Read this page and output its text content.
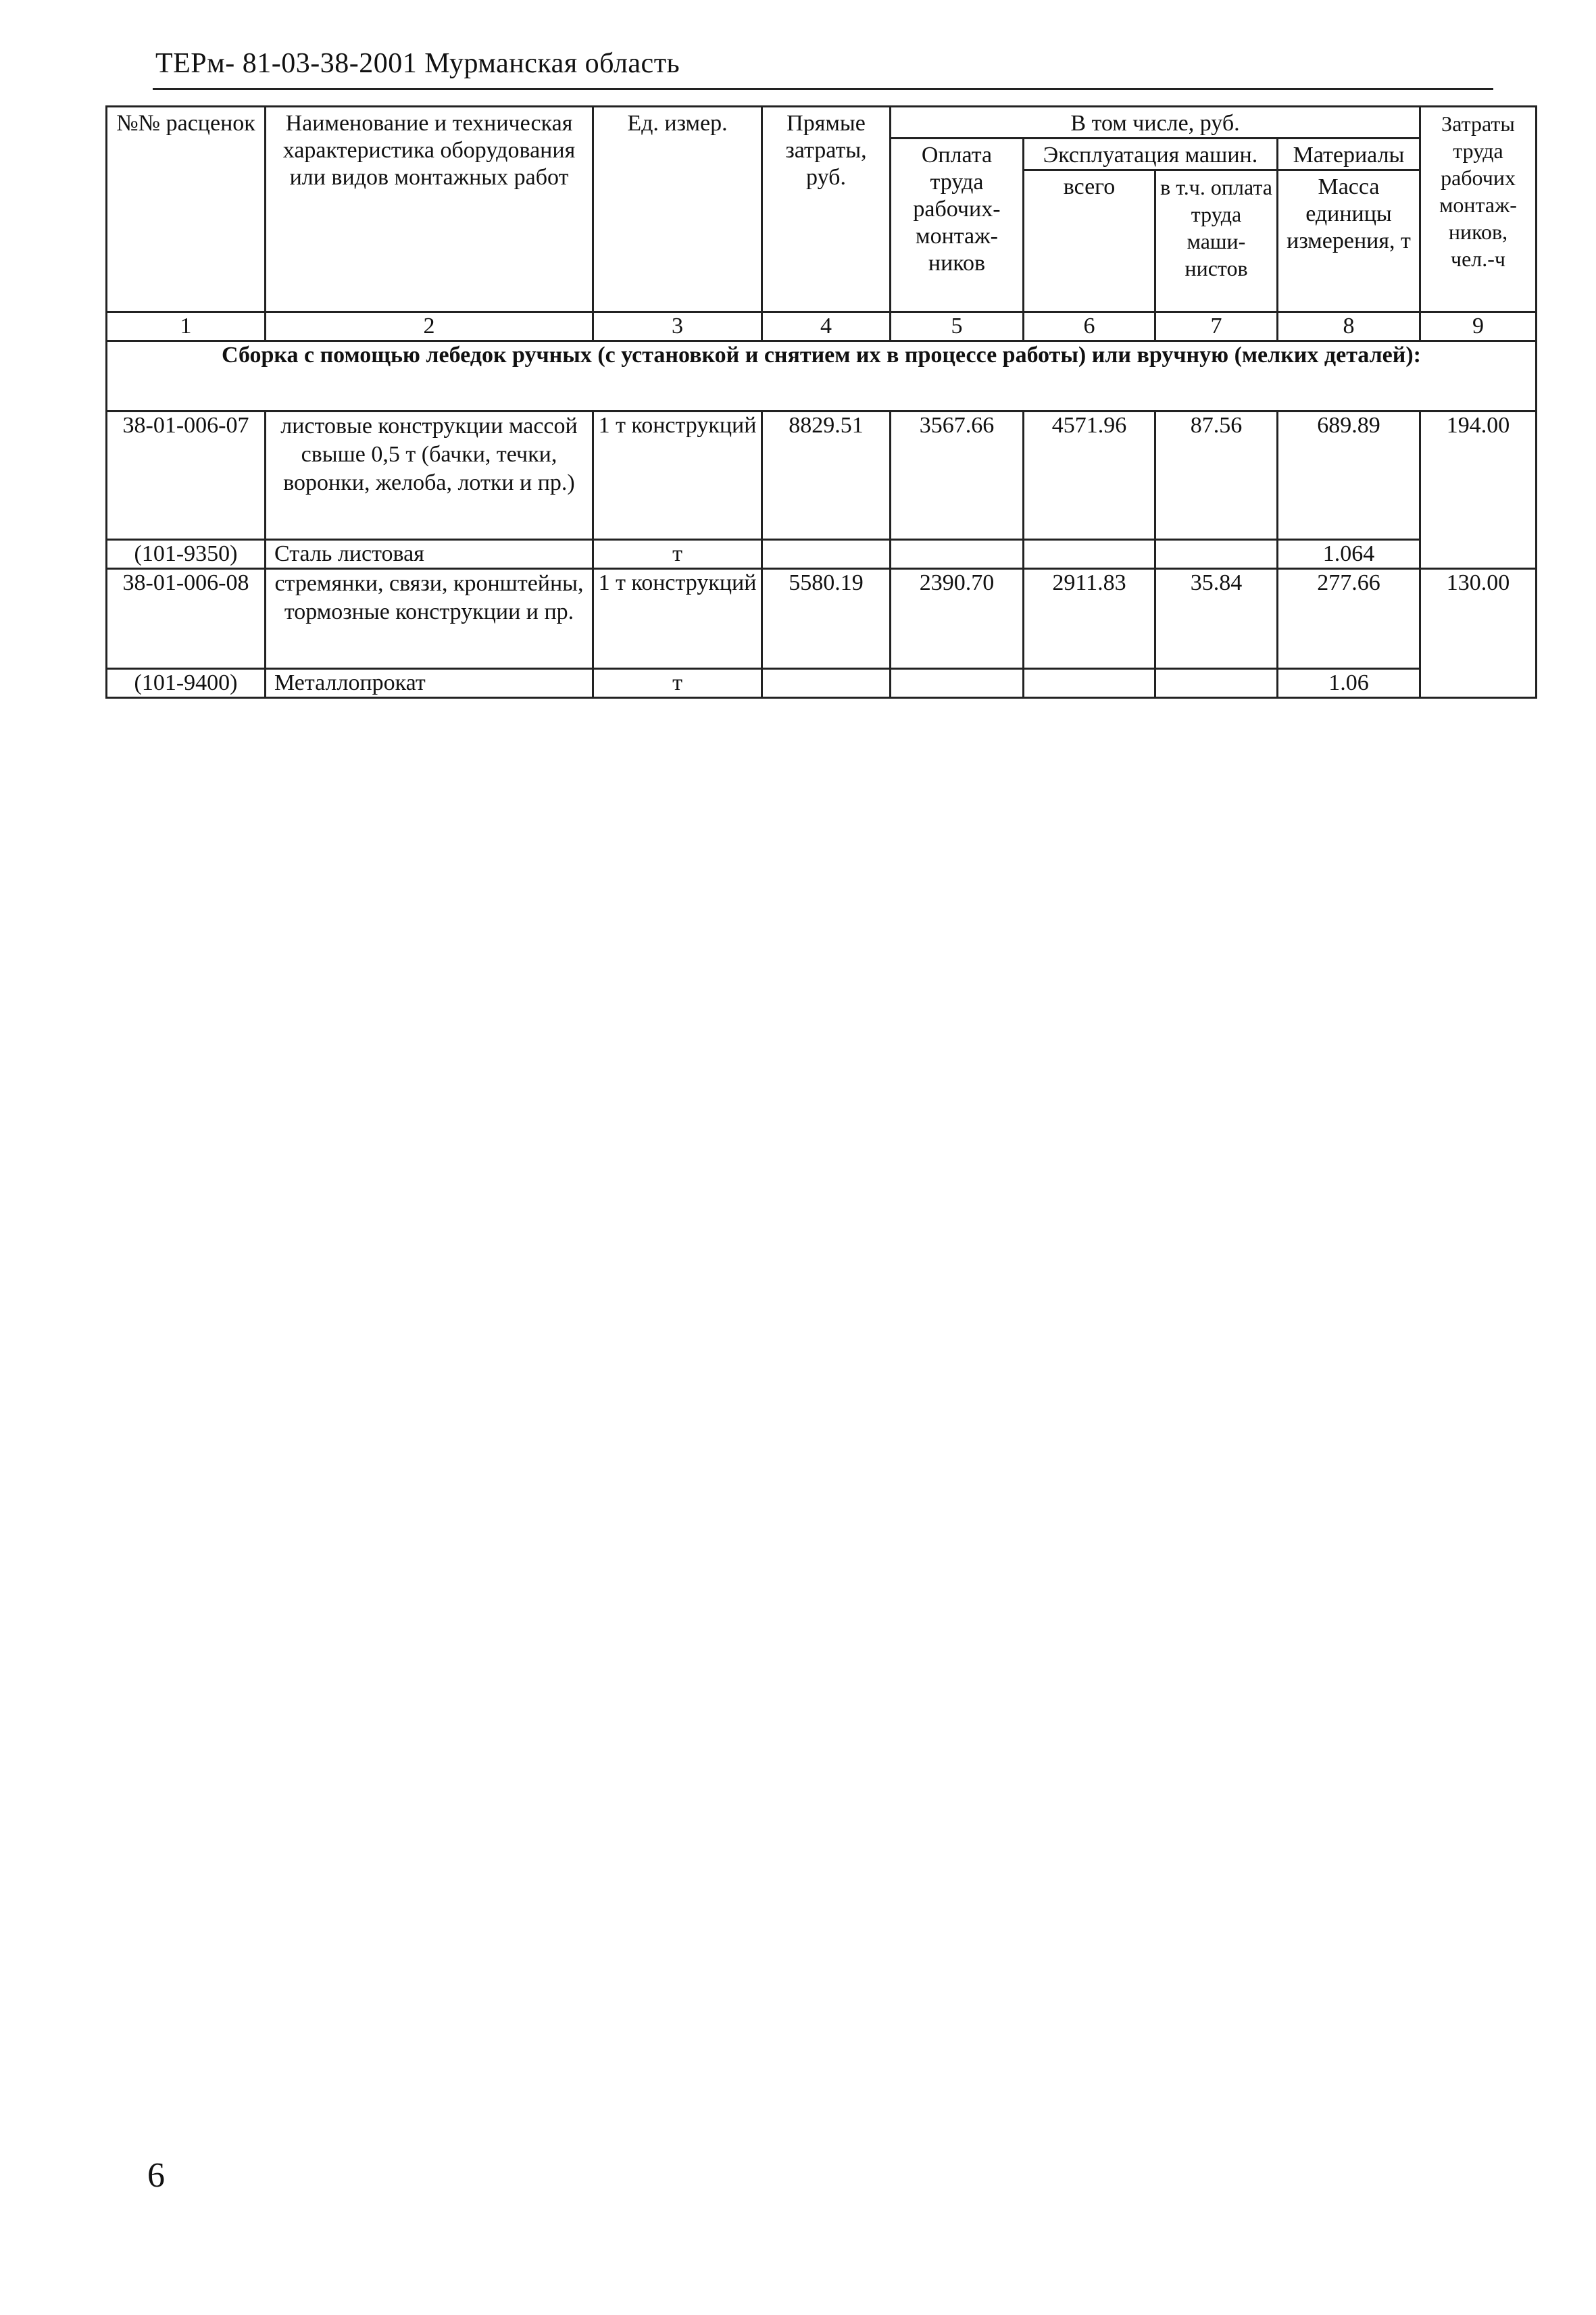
ТЕРм- 81-03-38-2001 Мурманская область
№№ расценок	Наименование и техническая характеристика оборудования или видов монтажных работ	Ед. измер.	Прямые затраты, руб.	В том числе, руб.				Затраты труда рабочих монтаж-ников, чел.-ч
				Оплата труда рабочих-монтаж-ников	Эксплуатация машин.		Материалы	
					всего	в т.ч. оплата труда маши-нистов	Масса единицы измерения, т	
1	2	3	4	5	6	7	8	9
Сборка с помощью лебедок ручных (с установкой и снятием их в процессе работы) или вручную (мелких деталей):								
38-01-006-07	листовые конструкции массой свыше 0,5 т (бачки, течки, воронки, желоба, лотки и пр.)	1 т конструкций	8829.51	3567.66	4571.96	87.56	689.89	194.00
(101-9350)	Сталь листовая	т					1.064	
38-01-006-08	стремянки, связи, кронштейны, тормозные конструкции и пр.	1 т конструкций	5580.19	2390.70	2911.83	35.84	277.66	130.00
(101-9400)	Металлопрокат	т					1.06	
6
